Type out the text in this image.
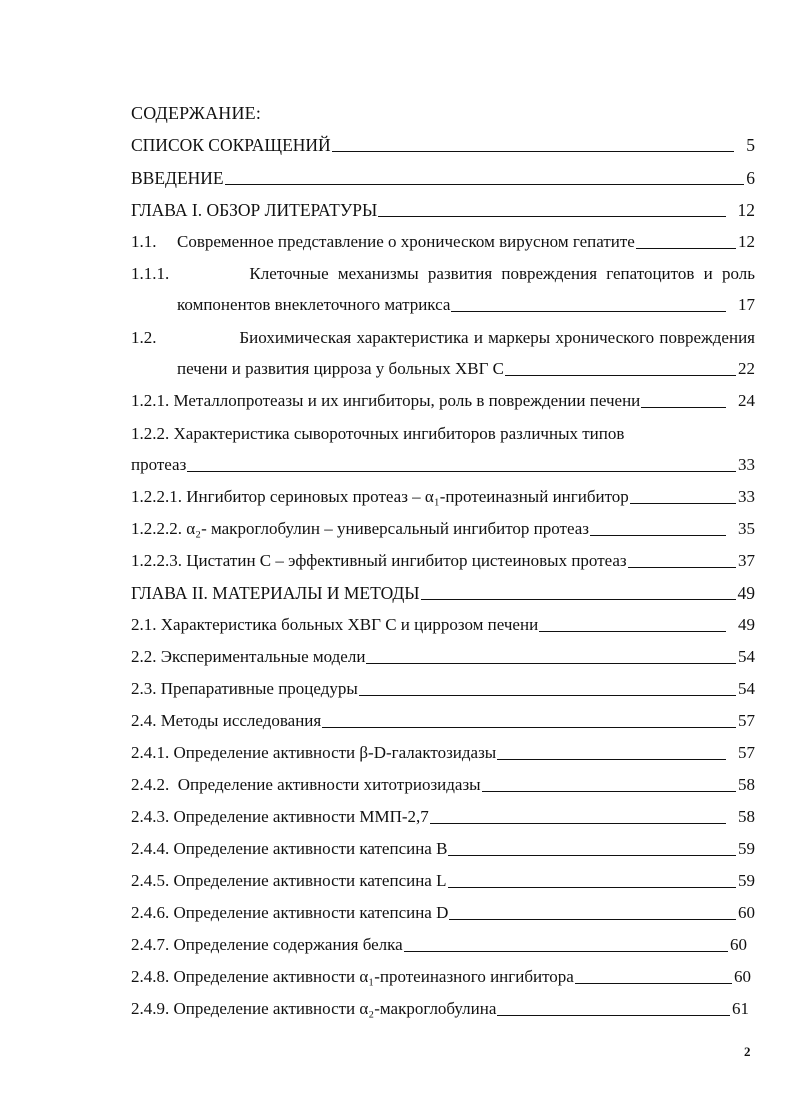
СОДЕРЖАНИЕ:
СПИСОК СОКРАЩЕНИЙ	5
ВВЕДЕНИЕ	6
ГЛАВА I. ОБЗОР ЛИТЕРАТУРЫ	12
1.1. Современное представление о хроническом вирусном гепатите	12
1.1.1.	Клеточные механизмы развития повреждения гепатоцитов и роль
компонентов внеклеточного матрикса	17
1.2.	Биохимическая характеристика и маркеры хронического повреждения
печени и развития цирроза у больных ХВГ С	22
1.2.1. Металлопротеазы и их ингибиторы, роль в повреждении печени	24
1.2.2. Характеристика сывороточных ингибиторов различных типов
протеаз	33
1.2.2.1. Ингибитор сериновых протеаз – α₁-протеиназный ингибитор	33
1.2.2.2. α₂- макроглобулин – универсальный ингибитор протеаз	35
1.2.2.3. Цистатин С – эффективный ингибитор цистеиновых протеаз	37
ГЛАВА II. МАТЕРИАЛЫ И МЕТОДЫ	49
2.1. Характеристика больных ХВГ С и циррозом печени	49
2.2. Экспериментальные модели	54
2.3. Препаративные процедуры	54
2.4. Методы исследования	57
2.4.1. Определение активности β-D-галактозидазы	57
2.4.2.  Определение активности хитотриозидазы	58
2.4.3. Определение активности ММП-2,7	58
2.4.4. Определение активности катепсина В	59
2.4.5. Определение активности катепсина L	59
2.4.6. Определение активности катепсина D	60
2.4.7. Определение содержания белка	60
2.4.8. Определение активности α₁-протеиназного ингибитора	60
2.4.9. Определение активности α₂-макроглобулина	61
2
